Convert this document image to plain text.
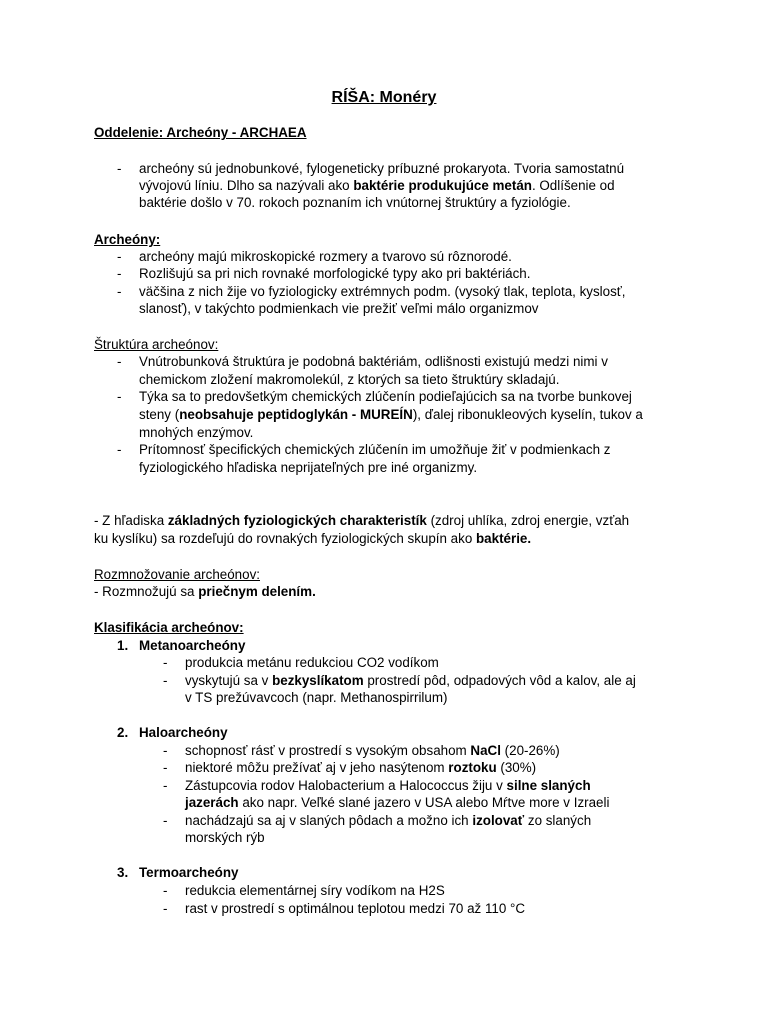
RÍŠA: Monéry
Oddelenie: Archeóny - ARCHAEA
- archeóny sú jednobunkové, fylogeneticky príbuzné prokaryota. Tvoria samostatnú
vývojovú líniu. Dlho sa nazývali ako baktérie produkujúce metán. Odlíšenie od
baktérie došlo v 70. rokoch poznaním ich vnútornej štruktúry a fyziológie.
Archeóny:
- archeóny majú mikroskopické rozmery a tvarovo sú rôznorodé.
- Rozlišujú sa pri nich rovnaké morfologické typy ako pri baktériách.
- väčšina z nich žije vo fyziologicky extrémnych podm. (vysoký tlak, teplota, kyslosť,
slanosť), v takýchto podmienkach vie prežiť veľmi málo organizmov
Štruktúra archeónov:
- Vnútrobunková štruktúra je podobná baktériám, odlišnosti existujú medzi nimi v
chemickom zložení makromolekúl, z ktorých sa tieto štruktúry skladajú.
- Týka sa to predovšetkým chemických zlúčenín podieľajúcich sa na tvorbe bunkovej
steny (neobsahuje peptidoglykán - MUREÍN), ďalej ribonukleových kyselín, tukov a
mnohých enzýmov.
- Prítomnosť špecifických chemických zlúčenín im umožňuje žiť v podmienkach z
fyziologického hľadiska neprijateľných pre iné organizmy.
- Z hľadiska základných fyziologických charakteristík (zdroj uhlíka, zdroj energie, vzťah
ku kyslíku) sa rozdeľujú do rovnakých fyziologických skupín ako baktérie.
Rozmnožovanie archeónov:
- Rozmnožujú sa priečnym delením.
Klasifikácia archeónov:
1. Metanoarcheóny
- produkcia metánu redukciou CO2 vodíkom
- vyskytujú sa v bezkyslíkatom prostredí pôd, odpadových vôd a kalov, ale aj
v TS prežúvavcoch (napr. Methanospirrilum)
2. Haloarcheóny
- schopnosť rásť v prostredí s vysokým obsahom NaCl (20-26%)
- niektoré môžu prežívať aj v jeho nasýtenom roztoku (30%)
- Zástupcovia rodov Halobacterium a Halococcus žiju v silne slaných
jazerách ako napr. Veľké slané jazero v USA alebo Mŕtve more v Izraeli
- nachádzajú sa aj v slaných pôdach a možno ich izolovať zo slaných
morských rýb
3. Termoarcheóny
- redukcia elementárnej síry vodíkom na H2S
- rast v prostredí s optimálnou teplotou medzi 70 až 110 °C
